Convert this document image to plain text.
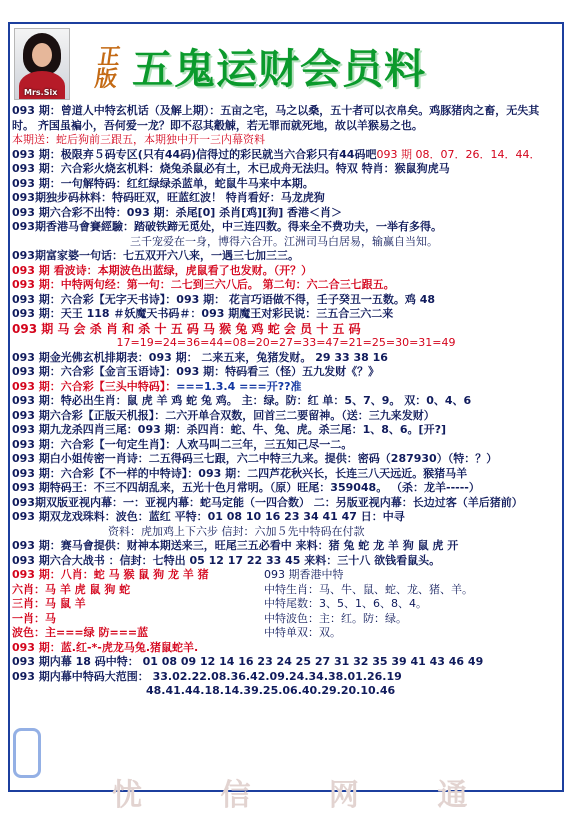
Mrs.Six
正
版 五鬼运财会员料
093 期：曾道人中特玄机话（及解上期）：五亩之宅，马之以桑，五十者可以衣帛矣。鸡豚猪肉之畜，无失其时。 齐国虽褊小，吾何爱一龙？即不忍其觳觫，若无罪而就死地，故以羊猴易之也。
本期送：蛇后狗前三跟五，本期独中开一三内幕资料
093 期：极限弃５码专区(只有44码)信得过的彩民就当六合彩只有44码吧093 期 08．07．26．14．44．
093 期：六合彩火烧玄机料：烧兔杀鼠必有土，木已成舟无法归。特双 特肖：猴鼠狗虎马
093 期：一句解特码：红红绿绿杀蓝单，蛇鼠牛马来中本期。
093期独步码林料：特码旺双，旺蓝红波！ 特肖看好：马龙虎狗
093 期六合彩不出特：093 期：杀尾[0] 杀肖[鸡][狗] 香港＜肖＞
093期香港马會賽經驗：踏破铁蹄无觅处，中三连四数。得来全不费功夫，一举有多得。
三千宠爱在一身，博得六合开。江洲司马白居易，输赢自当知。
093期富家婆一句话：七五双开六八来，一遇三七加三三。
093 期 看波诗：本期波色出蓝绿，虎鼠看了也发财。（开？）
093 期：中特两句经：第一句：二七到三六八后。 第二句：六二合三七跟五。
093 期：六合彩【无字天书诗】：093 期： 花言巧语做不得，壬子癸丑一五数。鸡 48
093 期：天王 118 ＃妖魔天书码＃：093 期魔王对彩民说：三五合三六二来
093 期 马 会 杀 肖 和 杀 十 五 码 马 猴 兔 鸡 蛇 会 员 十 五 码
17=19=24=36=44=08=20=27=33=47=21=25=30=31=49
093 期金光佛玄机排期表：093 期： 二来五来，兔猪发财。 29 33 38 16
093 期：六合彩【金言玉语诗】：093 期：特码看三（怪）五九发财《？》
093 期：六合彩【三头中特码】：===1.3.4 ===开??准
093 期：特必出生肖：鼠 虎 羊 鸡 蛇 兔 鸡。 主：绿。防：红 单：5、7、9。 双：0、4、6
093 期六合彩【正版天机报】：二六开单合双数，回首三二要留神。（送：三九来发财）
093 期九龙杀四肖三尾：093 期：杀四肖：蛇、牛、兔、虎。杀三尾：1、8、6。[开?]
093 期：六合彩【一句定生肖】：人欢马叫二三年，三五知己尽一二。
093 期白小姐传密一肖诗：二五得码三七跟，六二中特三九来。提供：密码（287930）（特：？）
093 期：六合彩【不一样的中特诗】：093 期：二四芦花秋兴长，长连三八天远近。猴猪马羊
093 期特码王：不三不四胡乱来，五光十色月常明。（原）旺尾：359048。 （杀：龙羊-----）
093期双版亚视内幕：一：亚视内幕：蛇马定能（一四合数） 二：另版亚视内幕：长边过客（羊后猪前）
093 期双龙戏珠料：波色：蓝红 平特：01 08 10 16 23 34 41 47 日：中寻
资料：虎加鸡上下六步 信封：六加５先中特码在付款
093 期：赛马會提供：财神本期送来三，旺尾三五必看中 来料：猪 兔 蛇 龙 羊 狗 鼠 虎 开
093 期六合大战书 ：信封：七特出 05 12 17 22 33 45 来料：三十八 欲钱看鼠头。
093 期：八肖：蛇 马 猴 鼠 狗 龙 羊 猪
六肖：马 羊 虎 鼠 狗 蛇
三肖：马 鼠 羊
一肖：马
波色：主===绿 防===蓝
093 期：蓝.红-*-虎龙马兔.猪鼠蛇羊.
093 期香港中特
中特生肖：马、牛、鼠、蛇、龙、猪、羊。
中特尾数：3、5、1、6、8、4。
中特波色：主：红。防：绿。
中特单双：双。
093 期内幕 18 码中特： 01 08 09 12 14 16 23 24 25 27 31 32 35 39 41 43 46 49
093 期内幕中特码大范围： 33.02.22.08.36.42.09.24.34.38.01.26.19
48.41.44.18.14.39.25.06.40.29.20.10.46
忧 信 网 通
